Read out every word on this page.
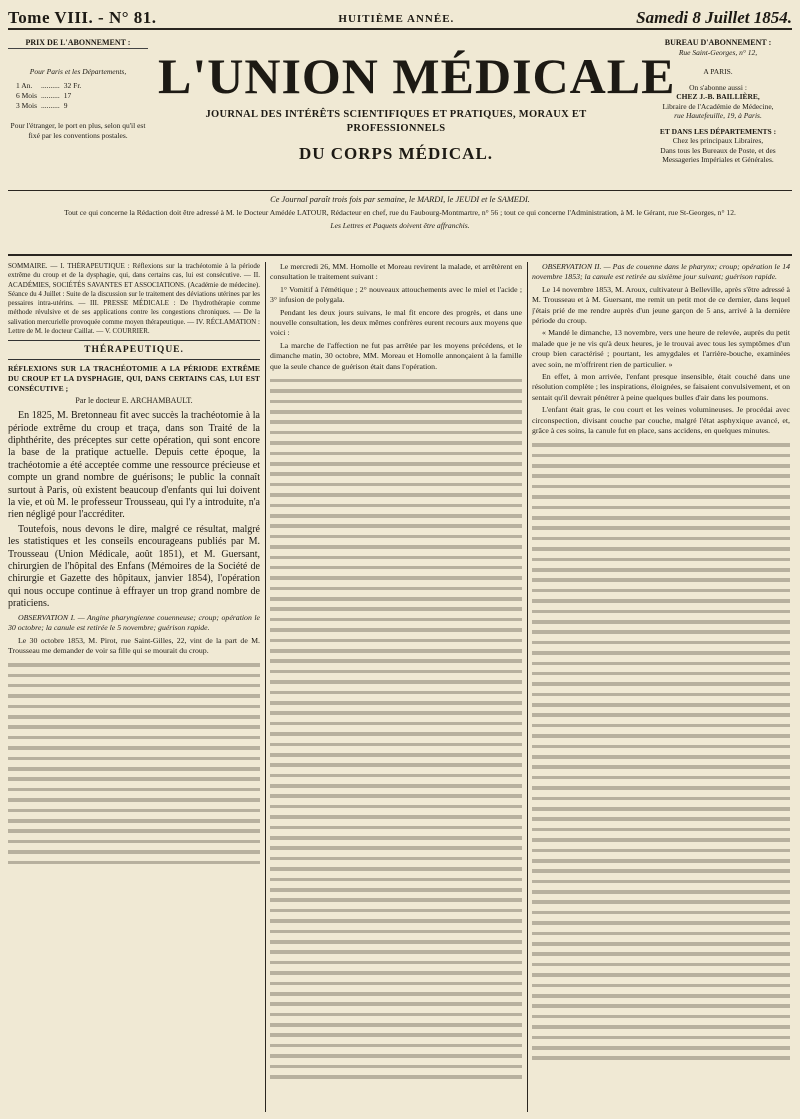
Tome VIII. - N° 81.	HUITIÈME ANNÉE.	Samedi 8 Juillet 1854.
PRIX DE L'ABONNEMENT :
Pour Paris et les Départements,
1 An.	..........	32 Fr.
6 Mois	..........	17
3 Mois	..........	9
Pour l'étranger, le port en plus, selon qu'il est fixé par les conventions postales.
L'UNION MÉDICALE
JOURNAL DES INTÉRÊTS SCIENTIFIQUES ET PRATIQUES, MORAUX ET PROFESSIONNELS
DU CORPS MÉDICAL.
BUREAU D'ABONNEMENT :
Rue Saint-Georges, n° 12,
A PARIS.
On s'abonne aussi :
CHEZ J.-B. BAILLIÈRE,
Libraire de l'Académie de Médecine,
rue Hautefeuille, 19, à Paris.
ET DANS LES DÉPARTEMENTS :
Chez les principaux Libraires,
Dans tous les Bureaux de Poste, et des
Messageries Impériales et Générales.

Ce Journal paraît trois fois par semaine, le MARDI, le JEUDI et le SAMEDI.

Tout ce qui concerne la Rédaction doit être adressé à M. le Docteur Amédée LATOUR, Rédacteur en chef, rue du Faubourg-Montmartre, n° 56 ; tout ce qui concerne l'Administration, à M. le Gérant, rue St-Georges, n° 12.

Les Lettres et Paquets doivent être affranchis.

SOMMAIRE. — I. THÉRAPEUTIQUE : Réflexions sur la trachéotomie à la période extrême du croup et de la dysphagie, qui, dans certains cas, lui est consécutive. — II. ACADÉMIES, SOCIÉTÉS SAVANTES ET ASSOCIATIONS. (Académie de médecine). Séance du 4 Juillet : Suite de la discussion sur le traitement des déviations utérines par les pessaires intra-utérins. — III. PRESSE MÉDICALE : De l'hydrothérapie comme méthode révulsive et de ses applications contre les congestions chroniques. — De la salivation mercurielle provoquée comme moyen thérapeutique. — IV. RÉCLAMATION : Lettre de M. le docteur Caillat. — V. COURRIER.
THÉRAPEUTIQUE.
RÉFLEXIONS SUR LA TRACHÉOTOMIE A LA PÉRIODE EXTRÊME DU CROUP ET LA DYSPHAGIE, QUI, DANS CERTAINS CAS, LUI EST CONSÉCUTIVE ;
Par le docteur E. ARCHAMBAULT.

En 1825, M. Bretonneau fit avec succès la trachéotomie à la période extrême du croup et traça, dans son Traité de la diphthérite, des préceptes sur cette opération, qui sont encore la base de la pratique actuelle. Depuis cette époque, la trachéotomie a été acceptée comme une ressource précieuse et compte un grand nombre de guérisons; le public la connaît surtout à Paris, où existent beaucoup d'enfants qui lui doivent la vie, et où M. le professeur Trousseau, qui l'y a introduite, n'a rien négligé pour l'accréditer.

Toutefois, nous devons le dire, malgré ce résultat, malgré les statistiques et les conseils encourageans publiés par M. Trousseau (Union Médicale, août 1851), et M. Guersant, chirurgien de l'hôpital des Enfans (Mémoires de la Société de chirurgie et Gazette des hôpitaux, janvier 1854), l'opération qui nous occupe continue à effrayer un trop grand nombre de praticiens.

OBSERVATION I. — Angine pharyngienne couenneuse; croup; opération le 30 octobre; la canule est retirée le 5 novembre; guérison rapide.

Le 30 octobre 1853, M. Pirot, rue Saint-Gilles, 22, vint de la part de M. Trousseau me demander de voir sa fille qui se mourait du croup.

Le mercredi 26, MM. Homolle et Moreau revirent la malade, et arrêtèrent en consultation le traitement suivant :

1° Vomitif à l'émétique ; 2° nouveaux attouchements avec le miel et l'acide ; 3° infusion de polygala.

Pendant les deux jours suivans, le mal fit encore des progrès, et dans une nouvelle consultation, les deux mêmes confrères eurent recours aux moyens que voici :

La marche de l'affection ne fut pas arrêtée par les moyens précédens, et le dimanche matin, 30 octobre, MM. Moreau et Homolle annonçaient à la famille que la seule chance de guérison était dans l'opération.

OBSERVATION II. — Pas de couenne dans le pharynx; croup; opération le 14 novembre 1853; la canule est retirée au sixième jour suivant; guérison rapide.

Le 14 novembre 1853, M. Aroux, cultivateur à Belleville, après s'être adressé à M. Trousseau et à M. Guersant, me remit un petit mot de ce dernier, dans lequel j'étais prié de me rendre auprès d'un jeune garçon de 5 ans, arrivé à la dernière période du croup.

« Mandé le dimanche, 13 novembre, vers une heure de relevée, auprès du petit malade que je ne vis qu'à deux heures, je le trouvai avec tous les symptômes d'un croup bien caractérisé ; pourtant, les amygdales et l'arrière-bouche, examinées avec soin, ne m'offrirent rien de particulier. »

En effet, à mon arrivée, l'enfant presque insensible, était couché dans une résolution complète ; les inspirations, éloignées, se faisaient convulsivement, et on sentait qu'il devrait pénétrer à peine quelques bulles d'air dans les poumons.

L'enfant était gras, le cou court et les veines volumineuses. Je procédai avec circonspection, divisant couche par couche, malgré l'état asphyxique avancé, et, grâce à ces soins, la canule fut en place, sans accidens, en quelques minutes.
